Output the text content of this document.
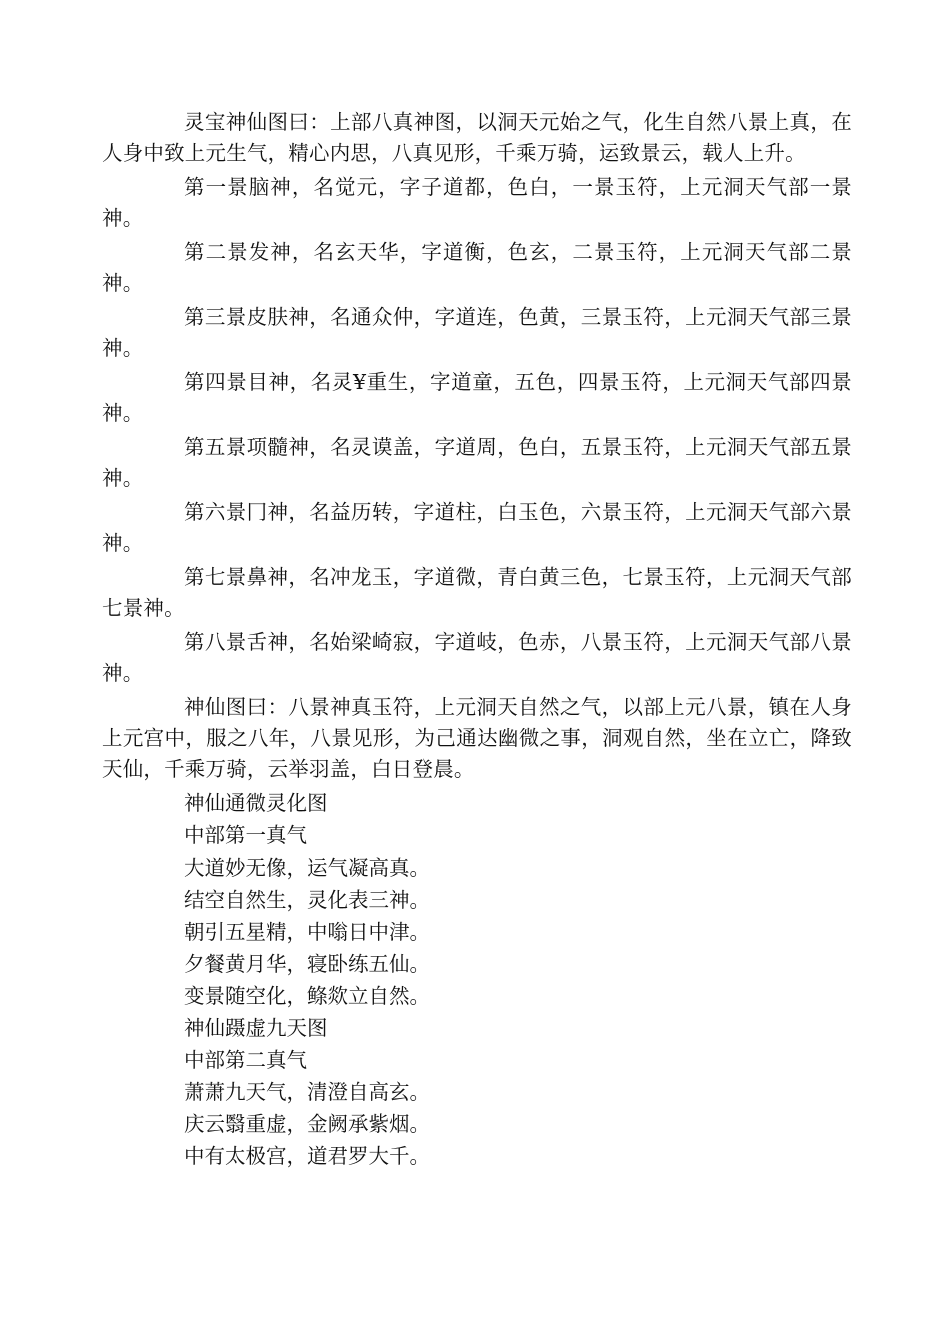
灵宝神仙图曰：上部八真神图，以洞天元始之气，化生自然八景上真，在人身中致上元生气，精心内思，八真见形，千乘万骑，运致景云，载人上升。

第一景脑神，名觉元，字子道都，色白，一景玉符，上元洞天气部一景神。

第二景发神，名玄天华，字道衡，色玄，二景玉符，上元洞天气部二景神。

第三景皮肤神，名通众仲，字道连，色黄，三景玉符，上元洞天气部三景神。

第四景目神，名灵¥重生，字道童，五色，四景玉符，上元洞天气部四景神。

第五景项髓神，名灵谟盖，字道周，色白，五景玉符，上元洞天气部五景神。

第六景冂神，名益历转，字道柱，白玉色，六景玉符，上元洞天气部六景神。

第七景鼻神，名冲龙玉，字道微，青白黄三色，七景玉符，上元洞天气部七景神。

第八景舌神，名始梁崎寂，字道岐，色赤，八景玉符，上元洞天气部八景神。

神仙图曰：八景神真玉符，上元洞天自然之气，以部上元八景，镇在人身上元宫中，服之八年，八景见形，为己通达幽微之事，洞观自然，坐在立亡，降致天仙，千乘万骑，云举羽盖，白日登晨。

神仙通微灵化图
中部第一真气
大道妙无像，运气凝高真。
结空自然生，灵化表三神。
朝引五星精，中嗡日中津。
夕餐黄月华，寝卧练五仙。
变景随空化，鲦欻立自然。
神仙蹑虚九天图
中部第二真气
萧萧九天气，清澄自高玄。
庆云翳重虚，金阙承紫烟。
中有太极宫，道君罗大千。
